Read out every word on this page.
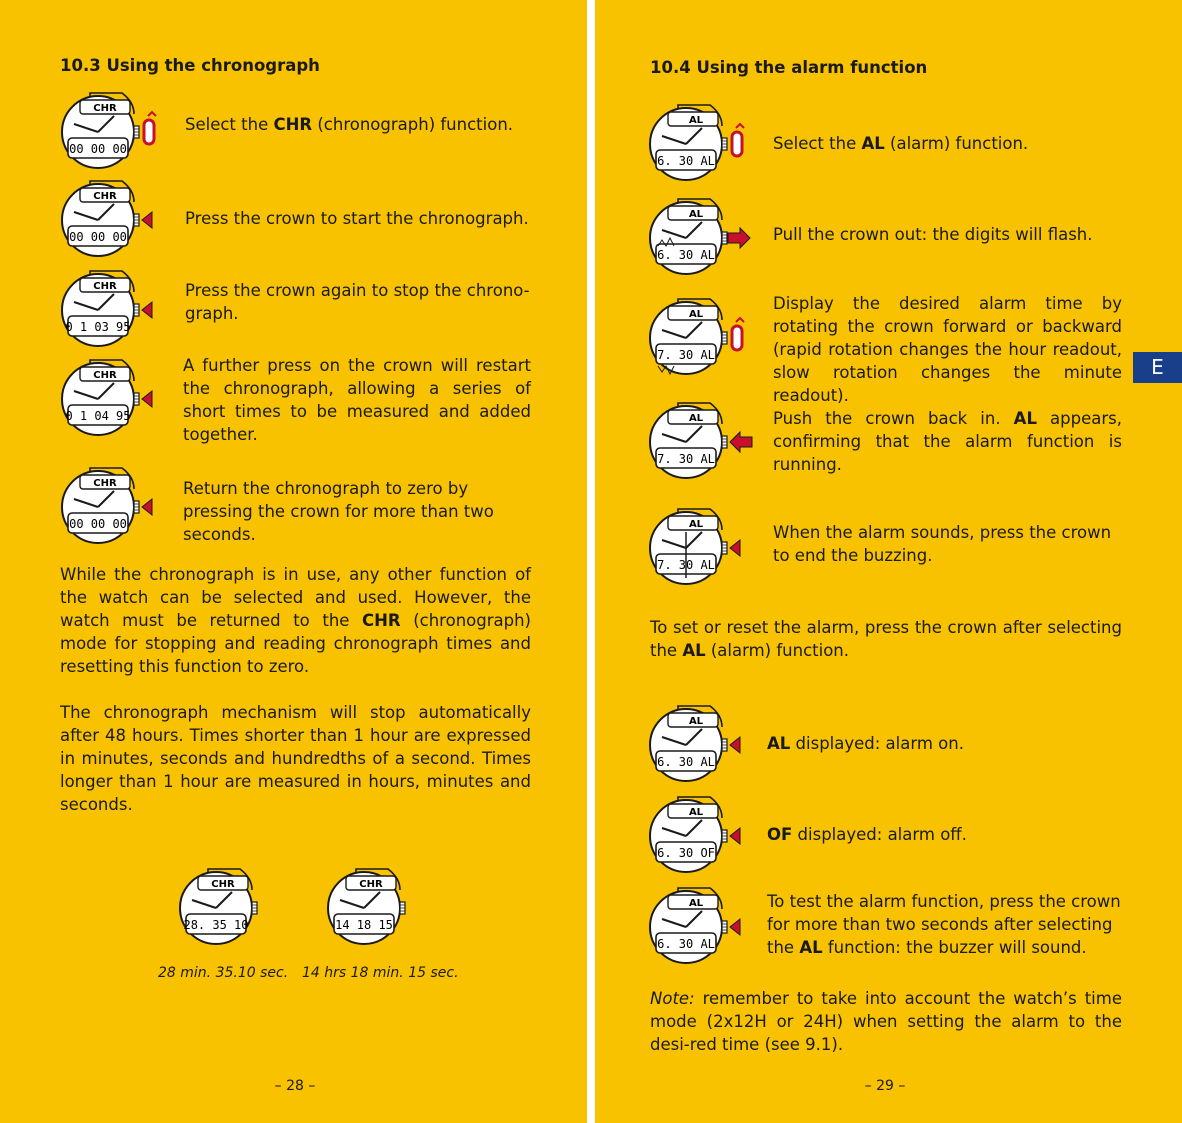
10.3 Using the chronograph
CHR
00 00 00
Select the CHR (chronograph) function.
CHR
00 00 00
Press the crown to start the chronograph.
CHR
0 1 03 95
Press the crown again to stop the chrono-
graph.
CHR
0 1 04 95
A further press on the crown will restart the chronograph, allowing a series of short times to be measured and added together.
CHR
00 00 00
Return the chronograph to zero by pressing the crown for more than two seconds.
While the chronograph is in use, any other function of the watch can be selected and used. However, the watch must be returned to the CHR (chronograph) mode for stopping and reading chronograph times and resetting this function to zero.
The chronograph mechanism will stop automatically after 48 hours. Times shorter than 1 hour are expressed in minutes, seconds and hundredths of a second. Times longer than 1 hour are measured in hours, minutes and seconds.
CHR
28. 35 10
CHR
14 18 15
28 min. 35.10 sec. 14 hrs 18 min. 15 sec.
– 28 –
10.4 Using the alarm function
AL
6. 30 AL
Select the AL (alarm) function.
AL
6. 30 AL
Pull the crown out: the digits will flash.
AL
7. 30 AL
Display the desired alarm time by rotating the crown forward or backward (rapid rotation changes the hour readout, slow rotation changes the minute readout).
AL
7. 30 AL
Push the crown back in. AL appears, confirming that the alarm function is running.
AL
7. 30 AL
When the alarm sounds, press the crown to end the buzzing.
To set or reset the alarm, press the crown after selecting the AL (alarm) function.
AL
6. 30 AL
AL displayed: alarm on.
AL
6. 30 OF
OF displayed: alarm off.
AL
6. 30 AL
To test the alarm function, press the crown for more than two seconds after selecting the AL function: the buzzer will sound.
Note: remember to take into account the watch’s time mode (2x12H or 24H) when setting the alarm to the desi-red time (see 9.1).
– 29 –
E
